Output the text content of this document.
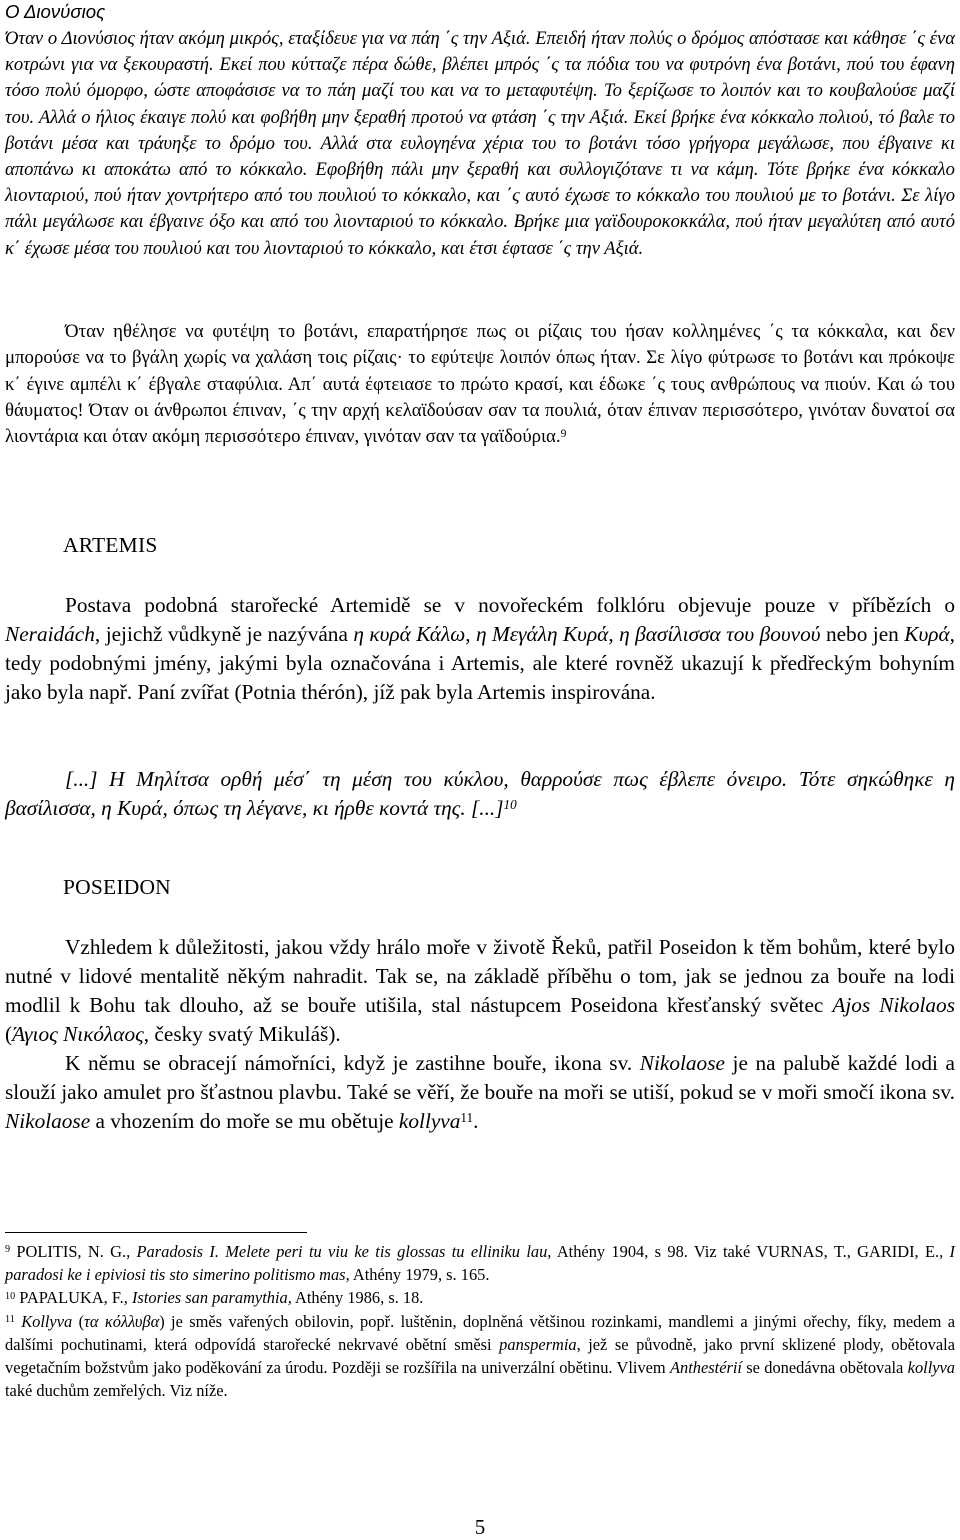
Ο Διονύσιος

Όταν ο Διονύσιος ήταν ακόμη μικρός, εταξίδευε για να πάη ΄ς την Αξιά. Επειδή ήταν πολύς ο δρόμος απόστασε και κάθησε ΄ς ένα κοτρώνι για να ξεκουραστή. Εκεί που κύτταζε πέρα δώθε, βλέπει μπρός ΄ς τα πόδια του να φυτρόνη ένα βοτάνι, πού του έφανη τόσο πολύ όμορφο, ώστε αποφάσισε να το πάη μαζί του και να το μεταφυτέψη. Το ξερίζωσε το λοιπόν και το κουβαλούσε μαζί του. Αλλά ο ήλιος έκαιγε πολύ και φοβήθη μην ξεραθή προτού να φτάση ΄ς την Αξιά. Εκεί βρήκε ένα κόκκαλο πολιού, τό βαλε το βοτάνι μέσα και τράυηξε το δρόμο του. Αλλά στα ευλογηένα χέρια του το βοτάνι τόσο γρήγορα μεγάλωσε, που έβγαινε κι αποπάνω κι αποκάτω από το κόκκαλο. Εφοβήθη πάλι μην ξεραθή και συλλογιζότανε τι να κάμη. Τότε βρήκε ένα κόκκαλο λιονταριού, πού ήταν χοντρήτερο από του πουλιού το κόκκαλο, και ΄ς αυτό έχωσε το κόκκαλο του πουλιού με το βοτάνι. Σε λίγο πάλι μεγάλωσε και έβγαινε όξο και από του λιονταριού το κόκκαλο. Βρήκε μια γαϊδουροκοκκάλα, πού ήταν μεγαλύτεη από αυτό κ΄ έχωσε μέσα του πουλιού και του λιονταριού το κόκκαλο, και έτσι έφτασε ΄ς την Αξιά.

Όταν ηθέλησε να φυτέψη το βοτάνι, επαρατήρησε πως οι ρίζαις του ήσαν κολλημένες ΄ς τα κόκκαλα, και δεν μπορούσε να το βγάλη χωρίς να χαλάση τοις ρίζαις· το εφύτεψε λοιπόν όπως ήταν. Σε λίγο φύτρωσε το βοτάνι και πρόκοψε κ΄ έγινε αμπέλι κ΄ έβγαλε σταφύλια. Απ΄ αυτά έφτειασε το πρώτο κρασί, και έδωκε ΄ς τους ανθρώπους να πιούν. Και ώ του θάυματος! Όταν οι άνθρωποι έπιναν, ΄ς την αρχή κελαϊδούσαν σαν τα πουλιά, όταν έπιναν περισσότερο, γινόταν δυνατοί σα λιοντάρια και όταν ακόμη περισσότερο έπιναν, γινόταν σαν τα γαϊδούρια.$^9$

ARTEMIS

Postava podobná starořecké Artemidě se v novořeckém folklóru objevuje pouze v příbězích o Neraidách, jejichž vůdkyně je nazývána η κυρά Κάλω, η Μεγάλη Κυρά, η βασίλισσα του βουνού nebo jen Κυρά, tedy podobnými jmény, jakými byla označována i Artemis, ale které rovněž ukazují k předřeckým bohyním jako byla např. Paní zvířat (Potnia thérón), jíž pak byla Artemis inspirována.

[...] Η Μηλίτσα ορθή μέσ΄ τη μέση του κύκλου, θαρρούσε πως έβλεπε όνειρο. Τότε σηκώθηκε η βασίλισσα, η Κυρά, όπως τη λέγανε, κι ήρθε κοντά της. [...]$^{10}$

POSEIDON

Vzhledem k důležitosti, jakou vždy hrálo moře v životě Řeků, patřil Poseidon k těm bohům, které bylo nutné v lidové mentalitě někým nahradit. Tak se, na základě příběhu o tom, jak se jednou za bouře na lodi modlil k Bohu tak dlouho, až se bouře utišila, stal nástupcem Poseidona křesťanský světec Ajos Nikolaos (Άγιος Νικόλαος, česky svatý Mikuláš).

K němu se obracejí námořníci, když je zastihne bouře, ikona sv. Nikolaose je na palubě každé lodi a slouží jako amulet pro šťastnou plavbu. Také se věří, že bouře na moři se utiší, pokud se v moři smočí ikona sv. Nikolaose a vhozením do moře se mu obětuje kollyva$^{11}$.

$^9$ POLITIS, N. G., Paradosis I. Melete peri tu viu ke tis glossas tu elliniku lau, Athény 1904, s 98. Viz také VURNAS, T., GARIDI, E., I paradosi ke i epiviosi tis sto simerino politismo mas, Athény 1979, s. 165.

$^{10}$ PAPALUKA, F., Istories san paramythia, Athény 1986, s. 18.

$^{11}$ Kollyva (τα κόλλυβα) je směs vařených obilovin, popř. luštěnin, doplněná většinou rozinkami, mandlemi a jinými ořechy, fíky, medem a dalšími pochutinami, která odpovídá starořecké nekrvavé obětní směsi panspermia, jež se původně, jako první sklizené plody, obětovala vegetačním božstvům jako poděkování za úrodu. Později se rozšířila na univerzální obětinu. Vlivem Anthestérií se donedávna obětovala kollyva také duchům zemřelých. Viz níže.

5
